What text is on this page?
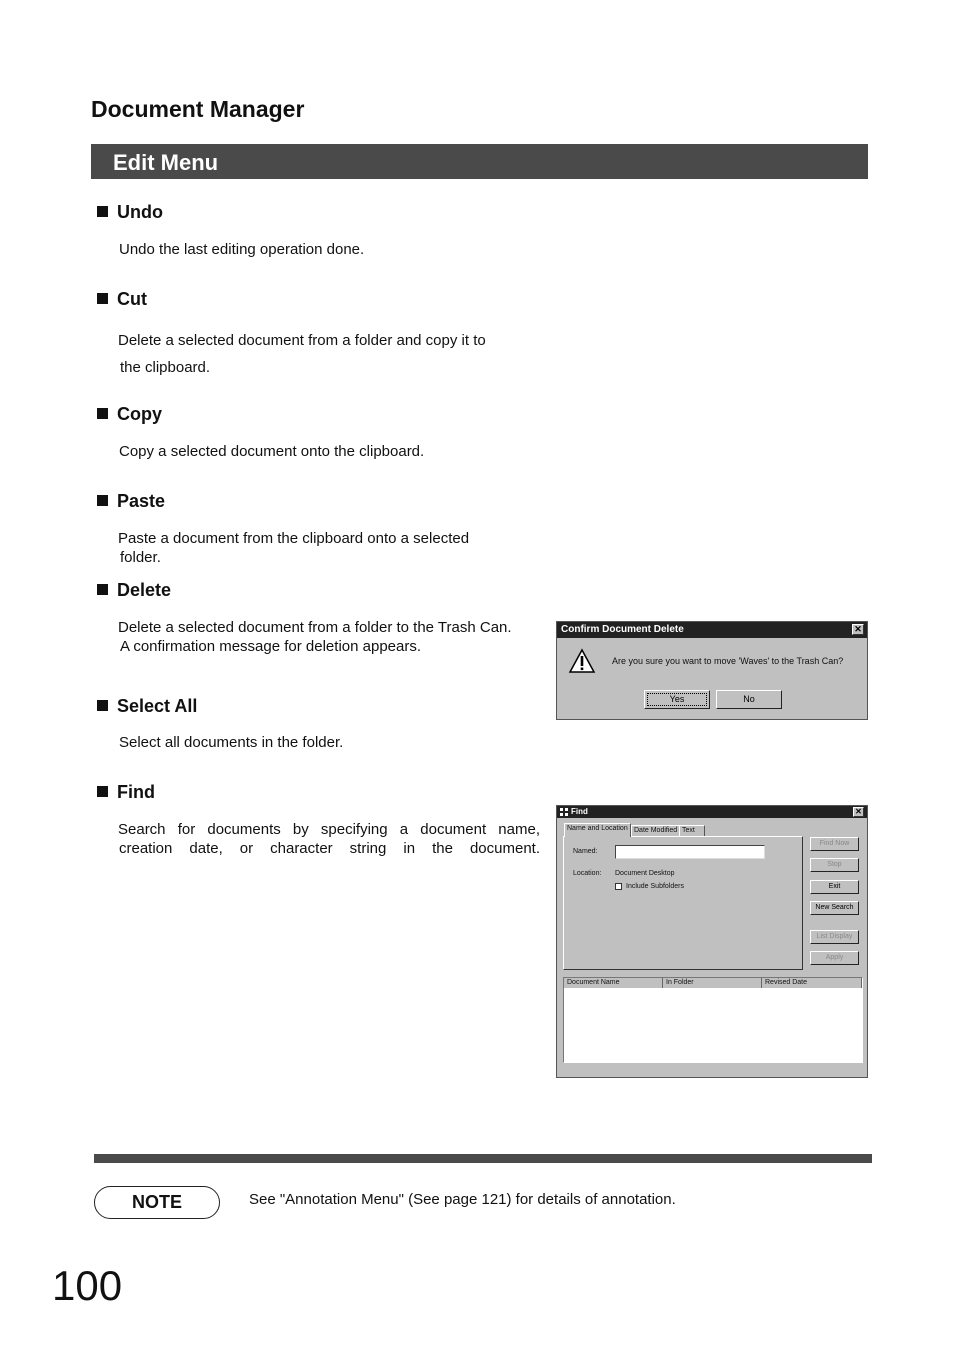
Document Manager
Edit Menu
Undo
Undo the last editing operation done.
Cut
Delete a selected document from a folder and copy it to
the clipboard.
Copy
Copy a selected document onto the clipboard.
Paste
Paste a document from the clipboard onto a selected
folder.
Delete
Delete a selected document from a folder to the Trash Can.
A confirmation message for deletion appears.
Confirm Document Delete	✕
Are you sure you want to move 'Waves' to the Trash Can?
Yes	No
Select All
Select all documents in the folder.
Find
Search for documents by specifying a document name,
creation date, or character string in the document.
Find	✕
Name and Location Date Modified Text
Named:
Location: Document Desktop
Include Subfolders
Find Now
Stop
Exit
New Search
List Display
Apply
Document Name	In Folder	Revised Date
NOTE	See "Annotation Menu" (See page 121) for details of annotation.
100
